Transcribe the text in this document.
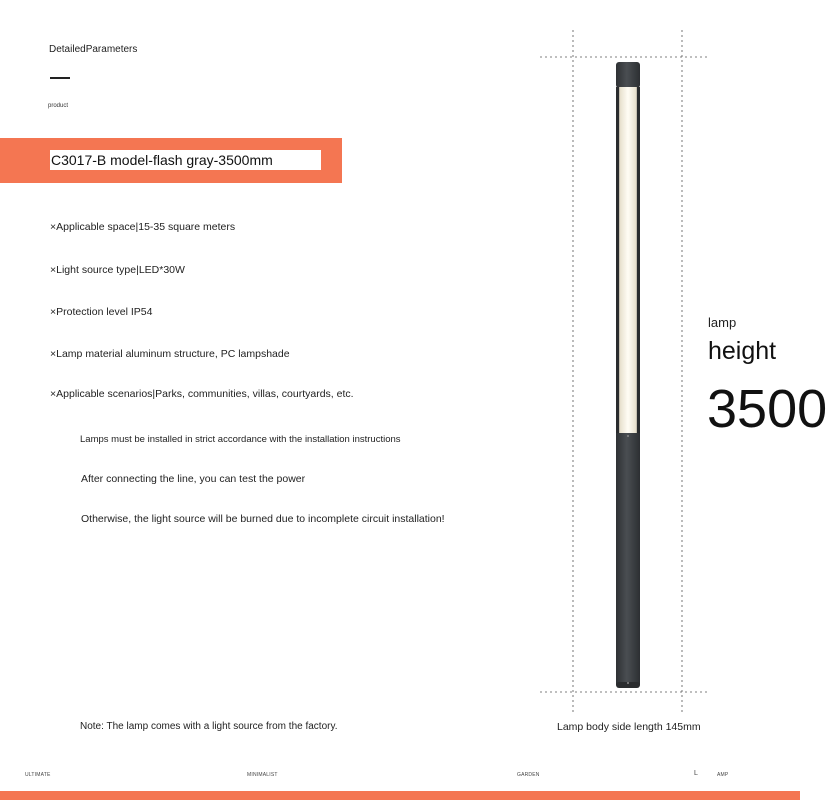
DetailedParameters
product
C3017-B model-flash gray-3500mm
×Applicable space|15-35 square meters
×Light source type|LED*30W
×Protection level IP54
×Lamp material aluminum structure, PC lampshade
×Applicable scenarios|Parks, communities, villas, courtyards, etc.
Lamps must be installed in strict accordance with the installation instructions
After connecting the line, you can test the power
Otherwise, the light source will be burned due to incomplete circuit installation!
lamp
height
3500
Note: The lamp comes with a light source from the factory.	Lamp body side length 145mm
ULTIMATE	MINIMALIST	GARDEN	L	AMP
